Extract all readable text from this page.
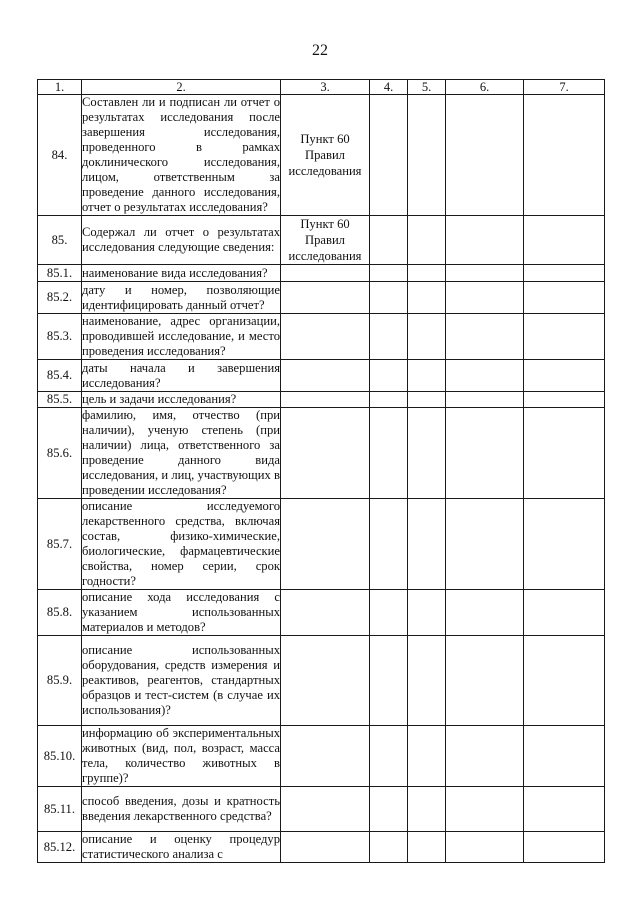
22
1.	2.	3.	4.	5.	6.	7.
84.	Составлен ли и подписан ли отчет о результатах исследования после завершения исследования, проведенного в рамках доклинического исследования, лицом, ответственным за проведение данного исследования, отчет о результатах исследования?	Пункт 60 Правил исследования				
85.	Содержал ли отчет о результатах исследования следующие сведения:	Пункт 60 Правил исследования				
85.1.	наименование вида исследования?					
85.2.	дату и номер, позволяющие идентифицировать данный отчет?					
85.3.	наименование, адрес организации, проводившей исследование, и место проведения исследования?					
85.4.	даты начала и завершения исследования?					
85.5.	цель и задачи исследования?					
85.6.	фамилию, имя, отчество (при наличии), ученую степень (при наличии) лица, ответственного за проведение данного вида исследования, и лиц, участвующих в проведении исследования?					
85.7.	описание исследуемого лекарственного средства, включая состав, физико-химические, биологические, фармацевтические свойства, номер серии, срок годности?					
85.8.	описание хода исследования с указанием использованных материалов и методов?					
85.9.	описание использованных оборудования, средств измерения и реактивов, реагентов, стандартных образцов и тест-систем (в случае их использования)?					
85.10.	информацию об экспериментальных животных (вид, пол, возраст, масса тела, количество животных в группе)?					
85.11.	способ введения, дозы и кратность введения лекарственного средства?					
85.12.	описание и оценку процедур статистического анализа с					
